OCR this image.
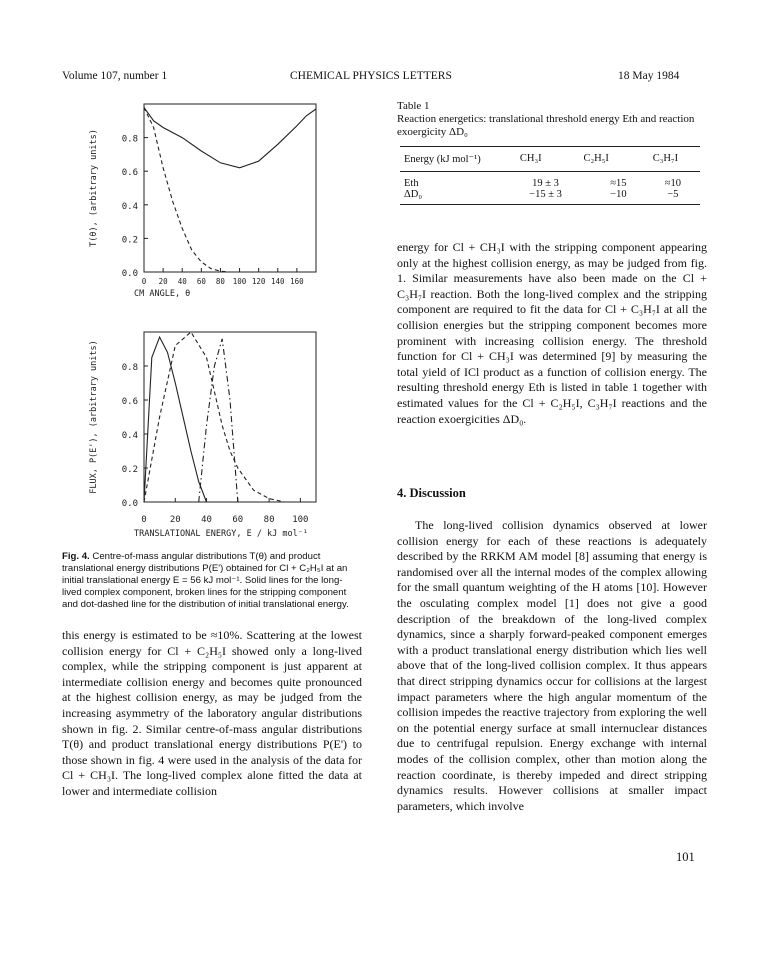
Volume 107, number 1	CHEMICAL PHYSICS LETTERS	18 May 1984
0.0
0.2
0.4
0.6
0.8
0 20 40 60 80 100 120 140 160
CM ANGLE, θ
T(θ), (arbitrary units)
0.0
0.2
0.4
0.6
0.8
0	20 40 60 80 100
TRANSLATIONAL ENERGY, E / kJ mol⁻¹
FLUX, P(E'), (arbitrary units)

Fig. 4. Centre-of-mass angular distributions T(θ) and product translational energy distributions P(E') obtained for Cl + C₂H₅I at an initial translational energy E = 56 kJ mol⁻¹. Solid lines for the long-lived complex component, broken lines for the stripping component and dot-dashed line for the distribution of initial translational energy.

this energy is estimated to be ≈10%. Scattering at the lowest collision energy for Cl + C₂H₅I showed only a long-lived complex, while the stripping component is just apparent at intermediate collision energy and becomes quite pronounced at the highest collision energy, as may be judged from the increasing asymmetry of the laboratory angular distributions shown in fig. 2. Similar centre-of-mass angular distributions T(θ) and product translational energy distributions P(E') to those shown in fig. 4 were used in the analysis of the data for Cl + CH₃I. The long-lived complex alone fitted the data at lower and intermediate collision

Table 1
Reaction energetics: translational threshold energy Eth and reaction exoergicity ΔD₀
Energy (kJ mol⁻¹)	CH₃I	C₂H₅I	C₃H₇I
Eth	19 ± 3	≈15	≈10
ΔD₀	−15 ± 3	−10	−5

energy for Cl + CH₃I with the stripping component appearing only at the highest collision energy, as may be judged from fig. 1. Similar measurements have also been made on the Cl + C₃H₇I reaction. Both the long-lived complex and the stripping component are required to fit the data for Cl + C₃H₇I at all the collision energies but the stripping component becomes more prominent with increasing collision energy. The threshold function for Cl + CH₃I was determined [9] by measuring the total yield of ICl product as a function of collision energy. The resulting threshold energy Eth is listed in table 1 together with estimated values for the Cl + C₂H₅I, C₃H₇I reactions and the reaction exoergicities ΔD₀.

4. Discussion

The long-lived collision dynamics observed at lower collision energy for each of these reactions is adequately described by the RRKM AM model [8] assuming that energy is randomised over all the internal modes of the complex allowing for the small quantum weighting of the H atoms [10]. However the osculating complex model [1] does not give a good description of the breakdown of the long-lived complex dynamics, since a sharply forward-peaked component emerges with a product translational energy distribution which lies well above that of the long-lived collision complex. It thus appears that direct stripping dynamics occur for collisions at the largest impact parameters where the high angular momentum of the collision impedes the reactive trajectory from exploring the well on the potential energy surface at small internuclear distances due to centrifugal repulsion. Energy exchange with internal modes of the collision complex, other than motion along the reaction coordinate, is thereby impeded and direct stripping dynamics results. However collisions at smaller impact parameters, which involve

101
